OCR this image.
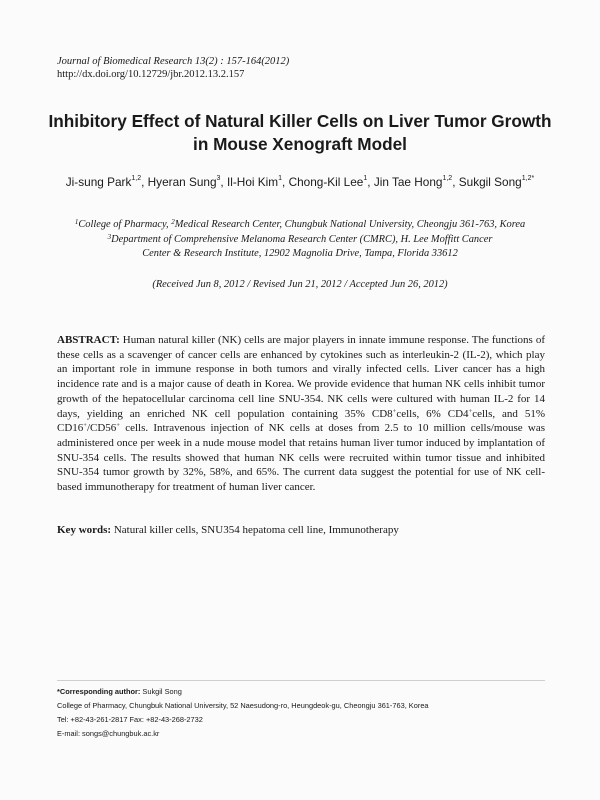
Journal of Biomedical Research 13(2) : 157-164(2012)
http://dx.doi.org/10.12729/jbr.2012.13.2.157
Inhibitory Effect of Natural Killer Cells on Liver Tumor Growth
in Mouse Xenograft Model
Ji-sung Park$^{1,2}$, Hyeran Sung$^3$, Il-Hoi Kim$^1$, Chong-Kil Lee$^1$, Jin Tae Hong$^{1,2}$, Sukgil Song$^{1,2*}$
$^1$College of Pharmacy, $^2$Medical Research Center, Chungbuk National University, Cheongju 361-763, Korea
$^3$Department of Comprehensive Melanoma Research Center (CMRC), H. Lee Moffitt Cancer
Center & Research Institute, 12902 Magnolia Drive, Tampa, Florida 33612
(Received Jun 8, 2012 / Revised Jun 21, 2012 / Accepted Jun 26, 2012)
ABSTRACT: Human natural killer (NK) cells are major players in innate immune response. The functions of these cells as a scavenger of cancer cells are enhanced by cytokines such as interleukin-2 (IL-2), which play an important role in immune response in both tumors and virally infected cells. Liver cancer has a high incidence rate and is a major cause of death in Korea. We provide evidence that human NK cells inhibit tumor growth of the hepatocellular carcinoma cell line SNU-354. NK cells were cultured with human IL-2 for 14 days, yielding an enriched NK cell population containing 35% CD8+cells, 6% CD4+cells, and 51% CD16+/CD56+ cells. Intravenous injection of NK cells at doses from 2.5 to 10 million cells/mouse was administered once per week in a nude mouse model that retains human liver tumor induced by implantation of SNU-354 cells. The results showed that human NK cells were recruited within tumor tissue and inhibited SNU-354 tumor growth by 32%, 58%, and 65%. The current data suggest the potential for use of NK cell-based immunotherapy for treatment of human liver cancer.
Key words: Natural killer cells, SNU354 hepatoma cell line, Immunotherapy
*Corresponding author: Sukgil Song
College of Pharmacy, Chungbuk National University, 52 Naesudong-ro, Heungdeok-gu, Cheongju 361-763, Korea
Tel: +82-43-261-2817 Fax: +82-43-268-2732
E-mail: songs@chungbuk.ac.kr
